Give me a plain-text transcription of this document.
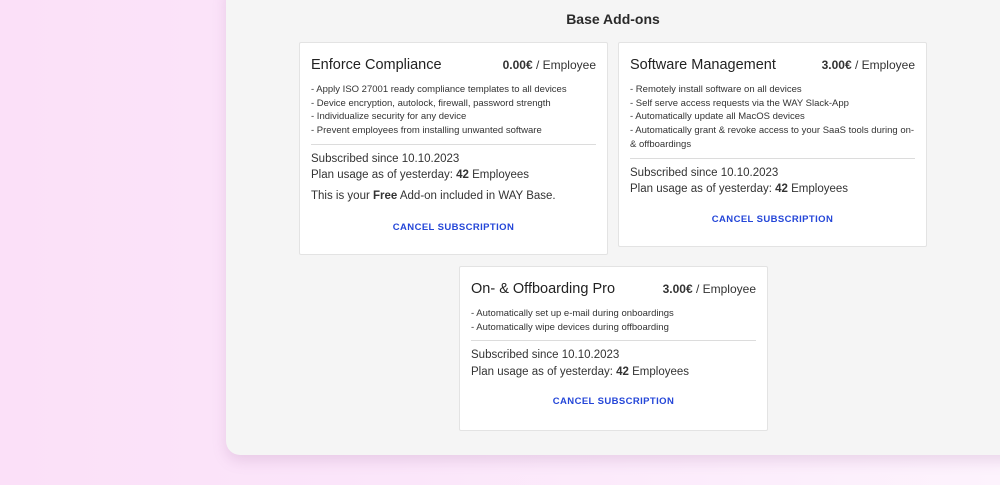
Base Add-ons
Enforce Compliance	0.00€ / Employee
- Apply ISO 27001 ready compliance templates to all devices
- Device encryption, autolock, firewall, password strength
- Individualize security for any device
- Prevent employees from installing unwanted software
Subscribed since 10.10.2023
Plan usage as of yesterday: 42 Employees
This is your Free Add-on included in WAY Base.
CANCEL SUBSCRIPTION
Software Management	3.00€ / Employee
- Remotely install software on all devices
- Self serve access requests via the WAY Slack-App
- Automatically update all MacOS devices
- Automatically grant & revoke access to your SaaS tools during on- & offboardings
Subscribed since 10.10.2023
Plan usage as of yesterday: 42 Employees
CANCEL SUBSCRIPTION
On- & Offboarding Pro	3.00€ / Employee
- Automatically set up e-mail during onboardings
- Automatically wipe devices during offboarding
Subscribed since 10.10.2023
Plan usage as of yesterday: 42 Employees
CANCEL SUBSCRIPTION
